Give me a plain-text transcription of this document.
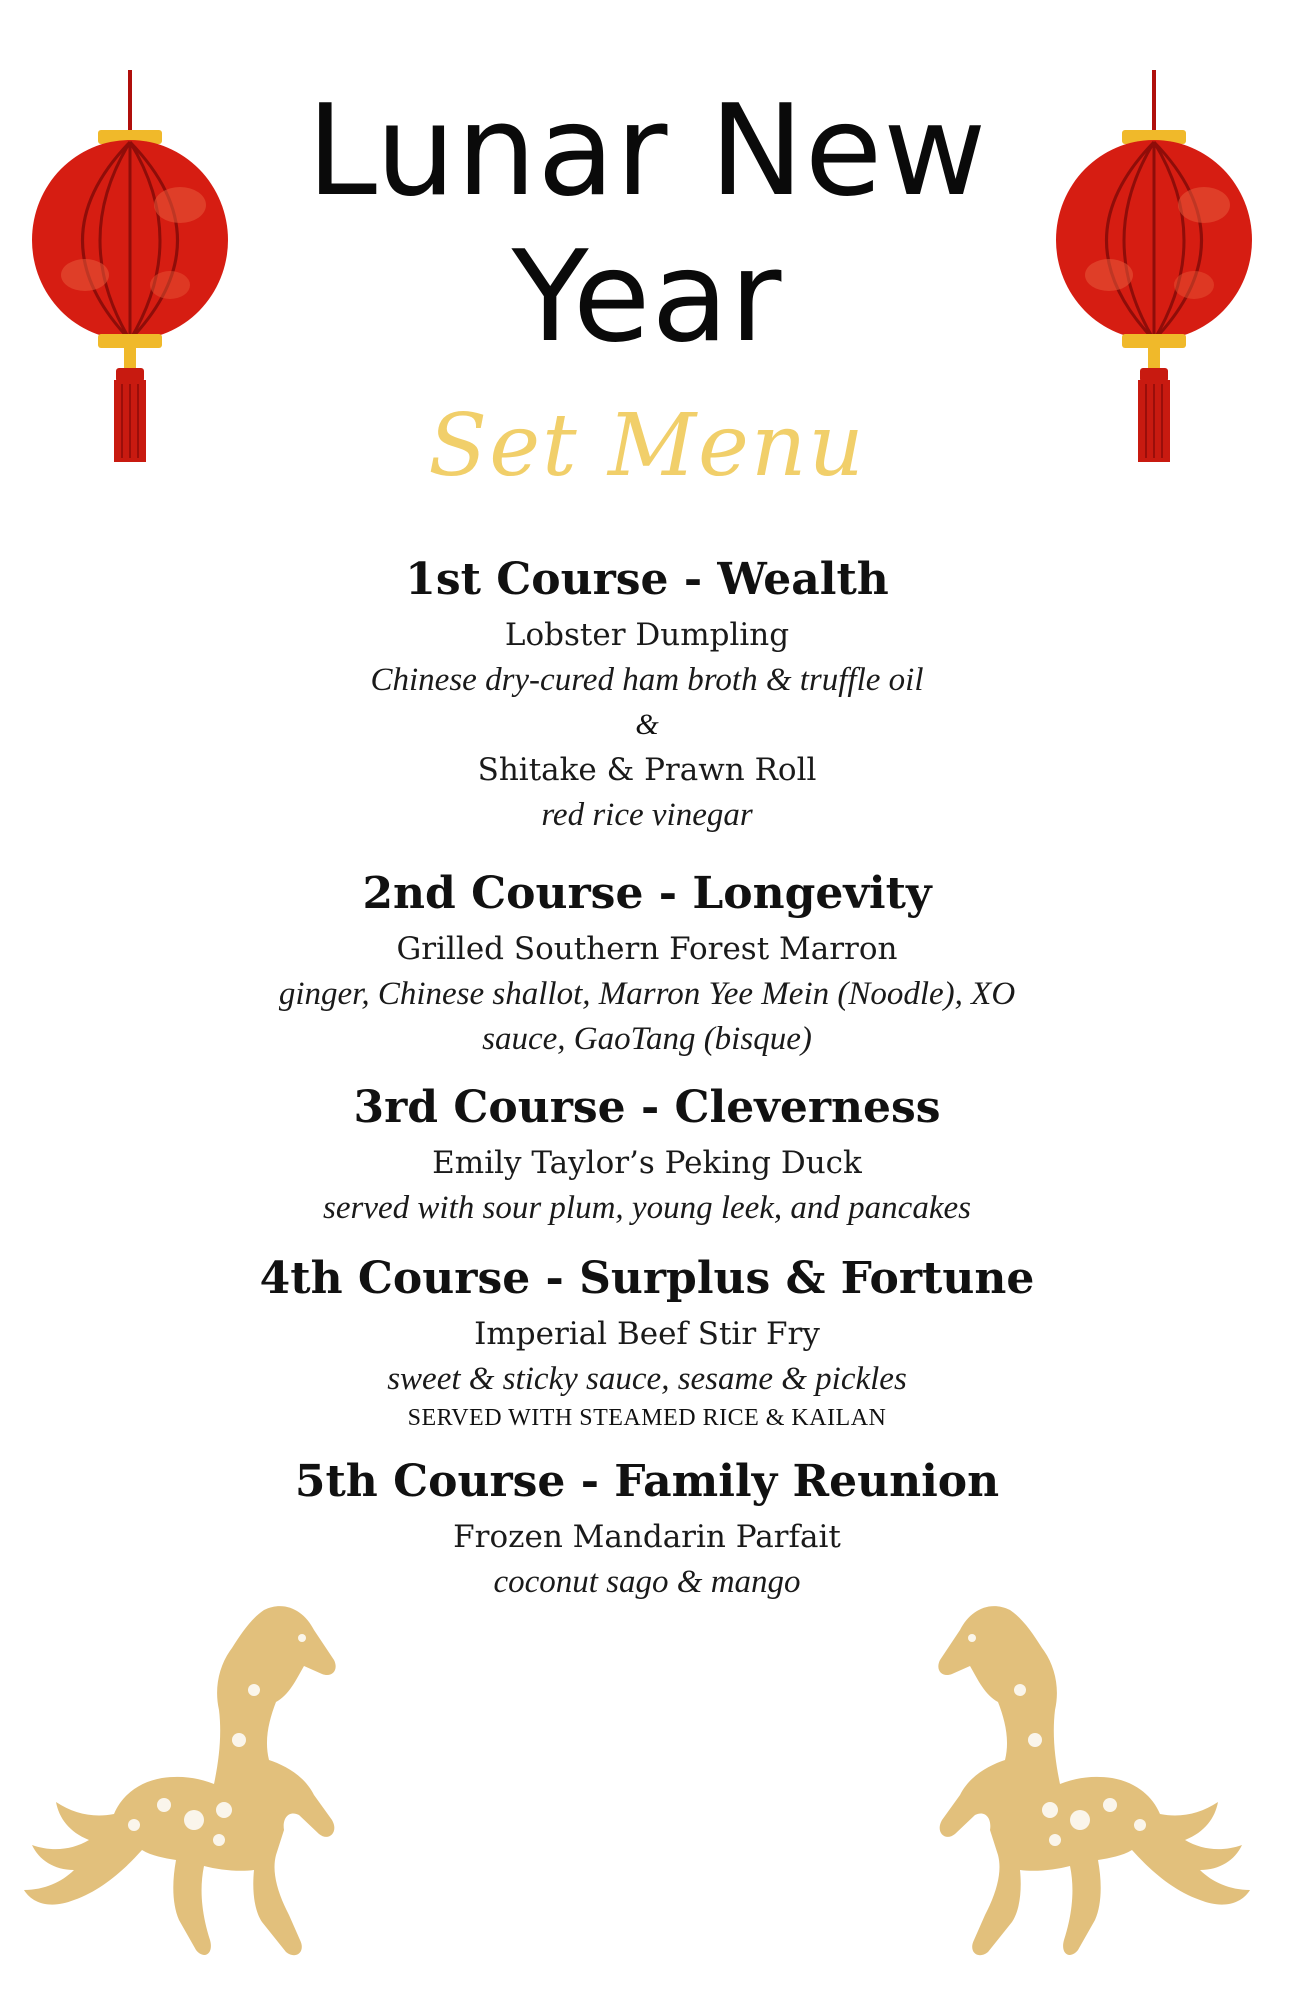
Lunar New
Year
Set Menu
1st Course - Wealth
Lobster Dumpling
Chinese dry-cured ham broth & truffle oil
&
Shitake & Prawn Roll
red rice vinegar
2nd Course - Longevity
Grilled Southern Forest Marron
ginger, Chinese shallot, Marron Yee Mein (Noodle), XO
sauce, GaoTang (bisque)
3rd Course - Cleverness
Emily Taylor’s Peking Duck
served with sour plum, young leek, and pancakes
4th Course - Surplus & Fortune
Imperial Beef Stir Fry
sweet & sticky sauce, sesame & pickles
SERVED WITH STEAMED RICE & KAILAN
5th Course - Family Reunion
Frozen Mandarin Parfait
coconut sago & mango
